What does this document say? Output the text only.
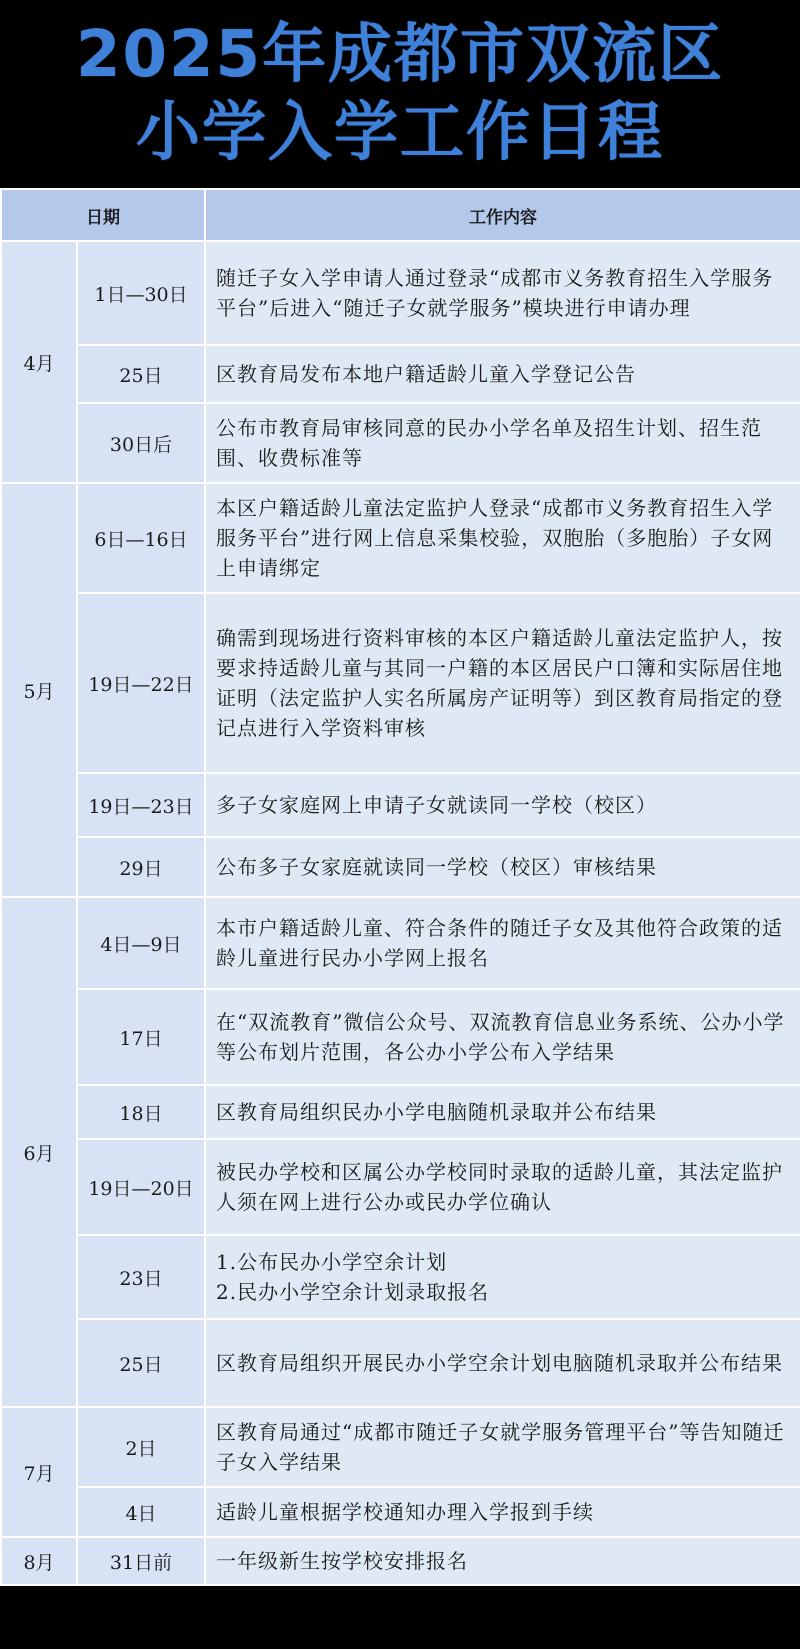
2025年成都市双流区
小学入学工作日程
日期		工作内容
4月	1日—30日	随迁子女入学申请人通过登录“成都市义务教育招生入学服务平台”后进入“随迁子女就学服务”模块进行申请办理
	25日	区教育局发布本地户籍适龄儿童入学登记公告
	30日后	公布市教育局审核同意的民办小学名单及招生计划、招生范围、收费标准等
5月	6日—16日	本区户籍适龄儿童法定监护人登录“成都市义务教育招生入学服务平台”进行网上信息采集校验，双胞胎（多胞胎）子女网上申请绑定
	19日—22日	确需到现场进行资料审核的本区户籍适龄儿童法定监护人，按要求持适龄儿童与其同一户籍的本区居民户口簿和实际居住地证明（法定监护人实名所属房产证明等）到区教育局指定的登记点进行入学资料审核
	19日—23日	多子女家庭网上申请子女就读同一学校（校区）
	29日	公布多子女家庭就读同一学校（校区）审核结果
6月	4日—9日	本市户籍适龄儿童、符合条件的随迁子女及其他符合政策的适龄儿童进行民办小学网上报名
	17日	在“双流教育”微信公众号、双流教育信息业务系统、公办小学等公布划片范围，各公办小学公布入学结果
	18日	区教育局组织民办小学电脑随机录取并公布结果
	19日—20日	被民办学校和区属公办学校同时录取的适龄儿童，其法定监护人须在网上进行公办或民办学位确认
	23日	1.公布民办小学空余计划
2.民办小学空余计划录取报名

	25日	区教育局组织开展民办小学空余计划电脑随机录取并公布结果
7月	2日	区教育局通过“成都市随迁子女就学服务管理平台”等告知随迁子女入学结果
	4日	适龄儿童根据学校通知办理入学报到手续
8月	31日前	一年级新生按学校安排报名
